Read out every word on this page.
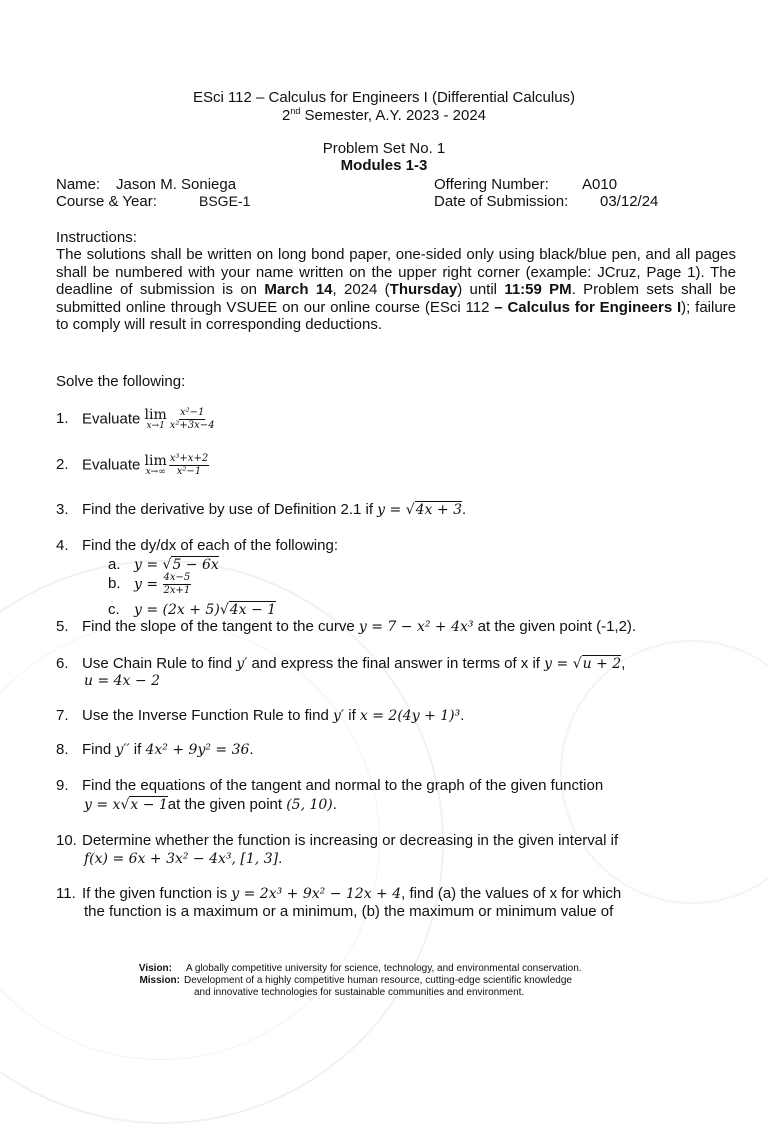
ESci 112 – Calculus for Engineers I (Differential Calculus)
2nd Semester, A.Y. 2023 - 2024
Problem Set No. 1
Modules 1-3
Name: Jason M. Soniega
Course & Year:	BSGE-1
Offering Number: A010
Date of Submission: 03/12/24
Instructions:
The solutions shall be written on long bond paper, one-sided only using black/blue pen, and all pages shall be numbered with your name written on the upper right corner (example: JCruz, Page 1). The deadline of submission is on March 14, 2024 (Thursday) until 11:59 PM. Problem sets shall be submitted online through VSUEE on our online course (ESci 112 – Calculus for Engineers I); failure to comply will result in corresponding deductions.
Solve the following:
1. Evaluate lim
$x\to 1 \frac{\text{x²−1}}{\text{x²+3x−4}}$
2. Evaluate lim
$x\to\infty \frac{\text{x³+x+2}}{\text{x²−1}}$
3. Find the derivative by use of Definition 2.1 if y = √4x + 3.
4. Find the dy/dx of each of the following:
a. y = √5 − 6x
b. $y = \frac{4x-5}{2x+1}$
c. y = (2x + 5)√4x − 1
5. Find the slope of the tangent to the curve y = 7 − x² + 4x³ at the given point (-1,2).
6. Use Chain Rule to find y′ and express the final answer in terms of x if y = √u + 2,
u = 4x − 2
7. Use the Inverse Function Rule to find y′ if x = 2(4y + 1)³.
8. Find y′′ if 4x² + 9y² = 36.
9. Find the equations of the tangent and normal to the graph of the given function
y = x√x − 1at the given point (5, 10).
10. Determine whether the function is increasing or decreasing in the given interval if
f(x) = 6x + 3x² − 4x³, [1, 3].
11. If the given function is y = 2x³ + 9x² − 12x + 4, find (a) the values of x for which
the function is a maximum or a minimum, (b) the maximum or minimum value of
Vision: A globally competitive university for science, technology, and environmental conservation.
Mission: Development of a highly competitive human resource, cutting-edge scientific knowledge
and innovative technologies for sustainable communities and environment.
